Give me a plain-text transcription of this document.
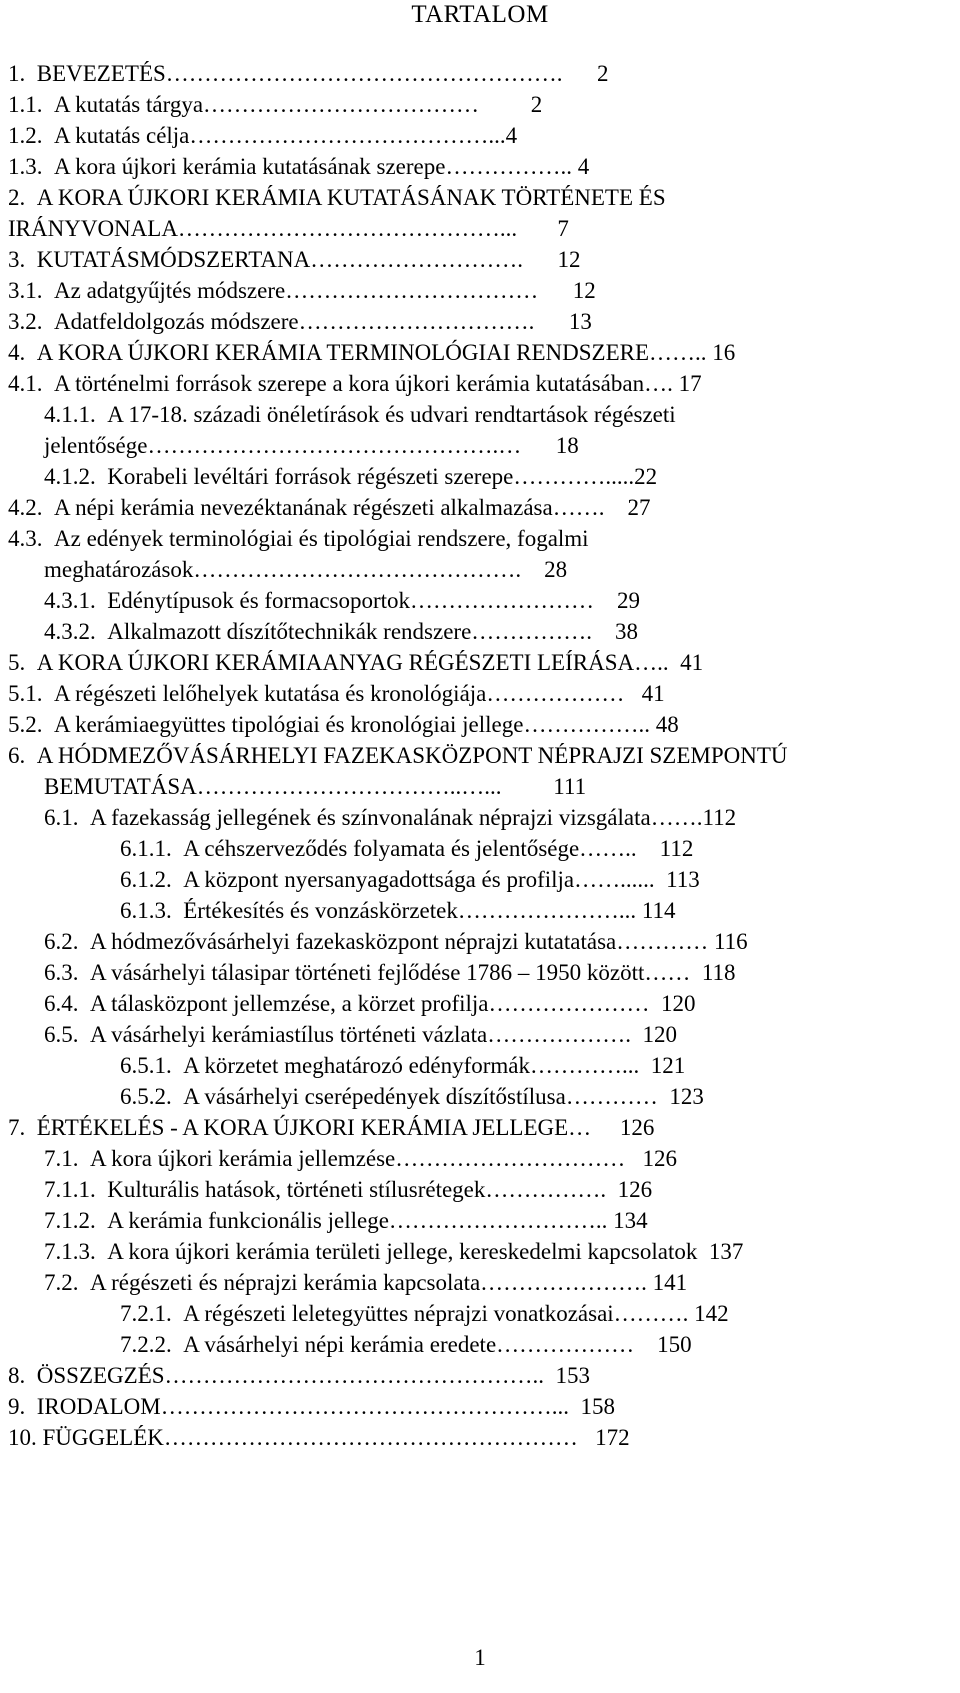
TARTALOM
1.  BEVEZETÉS…………………………………………….      2
1.1.  A kutatás tárgya………………………………         2
1.2.  A kutatás célja…………………………………...4
1.3.  A kora újkori kerámia kutatásának szerepe…………….. 4
2.  A KORA ÚJKORI KERÁMIA KUTATÁSÁNAK TÖRTÉNETE ÉS
IRÁNYVONALA……………………………………...       7
3.  KUTATÁSMÓDSZERTANA……………………….      12
3.1.  Az adatgyűjtés módszere……………………………      12
3.2.  Adatfeldolgozás módszere………………………….      13
4.  A KORA ÚJKORI KERÁMIA TERMINOLÓGIAI RENDSZERE…….. 16
4.1.  A történelmi források szerepe a kora újkori kerámia kutatásában…. 17
4.1.1.  A 17-18. századi önéletírások és udvari rendtartások régészeti
jelentősége……………………………………….…      18
4.1.2.  Korabeli levéltári források régészeti szerepe………….....22
4.2.  A népi kerámia nevezéktanának régészeti alkalmazása…….    27
4.3.  Az edények terminológiai és tipológiai rendszere, fogalmi
meghatározások…………………………………….    28
4.3.1.  Edénytípusok és formacsoportok……………………    29
4.3.2.  Alkalmazott díszítőtechnikák rendszere…………….    38
5.  A KORA ÚJKORI KERÁMIAANYAG RÉGÉSZETI LEÍRÁSA…..  41
5.1.  A régészeti lelőhelyek kutatása és kronológiája………………   41
5.2.  A kerámiaegyüttes tipológiai és kronológiai jellege…………….. 48
6.  A HÓDMEZŐVÁSÁRHELYI FAZEKASKÖZPONT NÉPRAJZI SZEMPONTÚ
BEMUTATÁSA……………………………..…...         111
6.1.  A fazekasság jellegének és színvonalának néprajzi vizsgálata…….112
6.1.1.  A céhszerveződés folyamata és jelentősége……..    112
6.1.2.  A központ nyersanyagadottsága és profilja……......  113
6.1.3.  Értékesítés és vonzáskörzetek…………………... 114
6.2.  A hódmezővásárhelyi fazekasközpont néprajzi kutatatása………… 116
6.3.  A vásárhelyi tálasipar történeti fejlődése 1786 – 1950 között……  118
6.4.  A tálasközpont jellemzése, a körzet profilja…………………  120
6.5.  A vásárhelyi kerámiastílus történeti vázlata……………….  120
6.5.1.  A körzetet meghatározó edényformák…………...  121
6.5.2.  A vásárhelyi cserépedények díszítőstílusa…………  123
7.  ÉRTÉKELÉS - A KORA ÚJKORI KERÁMIA JELLEGE…     126
7.1.  A kora újkori kerámia jellemzése…………………………   126
7.1.1.  Kulturális hatások, történeti stílusrétegek…………….  126
7.1.2.  A kerámia funkcionális jellege……………………….. 134
7.1.3.  A kora újkori kerámia területi jellege, kereskedelmi kapcsolatok  137
7.2.  A régészeti és néprajzi kerámia kapcsolata…………………. 141
7.2.1.  A régészeti leletegyüttes néprajzi vonatkozásai………. 142
7.2.2.  A vásárhelyi népi kerámia eredete………………    150
8.  ÖSSZEGZÉS…………………………………………..  153
9.  IRODALOM……………………………………………...  158
10. FÜGGELÉK………………………………………………   172
1
